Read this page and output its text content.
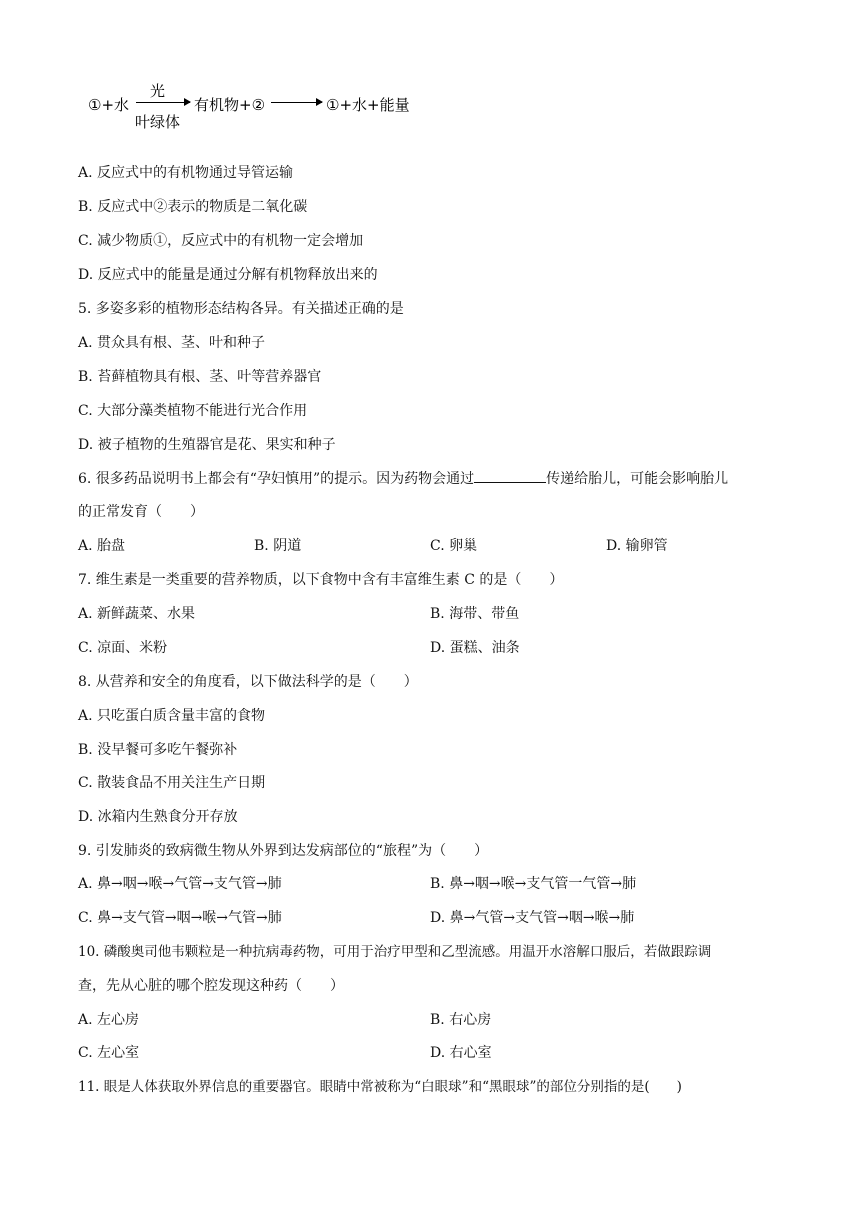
①+水
光
叶绿体
有机物+②	①+水+能量
A. 反应式中的有机物通过导管运输
B. 反应式中②表示的物质是二氧化碳
C. 减少物质①，反应式中的有机物一定会增加
D. 反应式中的能量是通过分解有机物释放出来的
5. 多姿多彩的植物形态结构各异。有关描述正确的是
A. 贯众具有根、茎、叶和种子
B. 苔藓植物具有根、茎、叶等营养器官
C. 大部分藻类植物不能进行光合作用
D. 被子植物的生殖器官是花、果实和种子
6. 很多药品说明书上都会有“孕妇慎用”的提示。因为药物会通过	传递给胎儿，可能会影响胎儿
的正常发育（　　）
A. 胎盘	B. 阴道	C. 卵巢	D. 输卵管
7. 维生素是一类重要的营养物质，以下食物中含有丰富维生素 C 的是（　　）
A. 新鲜蔬菜、水果	B. 海带、带鱼
C. 凉面、米粉	D. 蛋糕、油条
8. 从营养和安全的角度看，以下做法科学的是（　　）
A. 只吃蛋白质含量丰富的食物
B. 没早餐可多吃午餐弥补
C. 散装食品不用关注生产日期
D. 冰箱内生熟食分开存放
9. 引发肺炎的致病微生物从外界到达发病部位的“旅程”为（　　）
A. 鼻→咽→喉→气管→支气管→肺	B. 鼻→咽→喉→支气管一气管→肺
C. 鼻→支气管→咽→喉→气管→肺	D. 鼻→气管→支气管→咽→喉→肺
10. 磷酸奥司他韦颗粒是一种抗病毒药物，可用于治疗甲型和乙型流感。用温开水溶解口服后，若做跟踪调
查，先从心脏的哪个腔发现这种药（　　）
A. 左心房	B. 右心房
C. 左心室	D. 右心室
11. 眼是人体获取外界信息的重要器官。眼睛中常被称为“白眼球”和“黑眼球”的部位分别指的是(　　)
